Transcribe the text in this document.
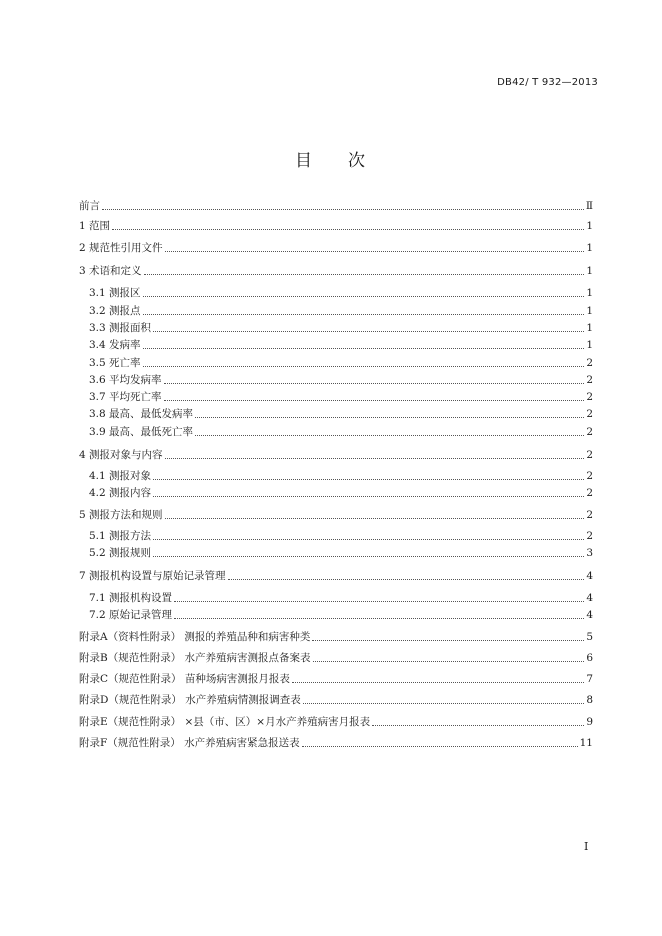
DB42/ T 932—2013
目 次
前言	Ⅱ
1 范围	1
2 规范性引用文件	1
3 术语和定义	1
3.1 测报区	1
3.2 测报点	1
3.3 测报面积	1
3.4 发病率	1
3.5 死亡率	2
3.6 平均发病率	2
3.7 平均死亡率	2
3.8 最高、最低发病率	2
3.9 最高、最低死亡率	2
4 测报对象与内容	2
4.1 测报对象	2
4.2 测报内容	2
5 测报方法和规则	2
5.1 测报方法	2
5.2 测报规则	3
7 测报机构设置与原始记录管理	4
7.1 测报机构设置	4
7.2 原始记录管理	4
附录A（资料性附录） 测报的养殖品种和病害种类	5
附录B（规范性附录） 水产养殖病害测报点备案表	6
附录C（规范性附录） 苗种场病害测报月报表	7
附录D（规范性附录） 水产养殖病情测报调查表	8
附录E（规范性附录） ×县（市、区）×月水产养殖病害月报表	9
附录F（规范性附录） 水产养殖病害紧急报送表	11
I
